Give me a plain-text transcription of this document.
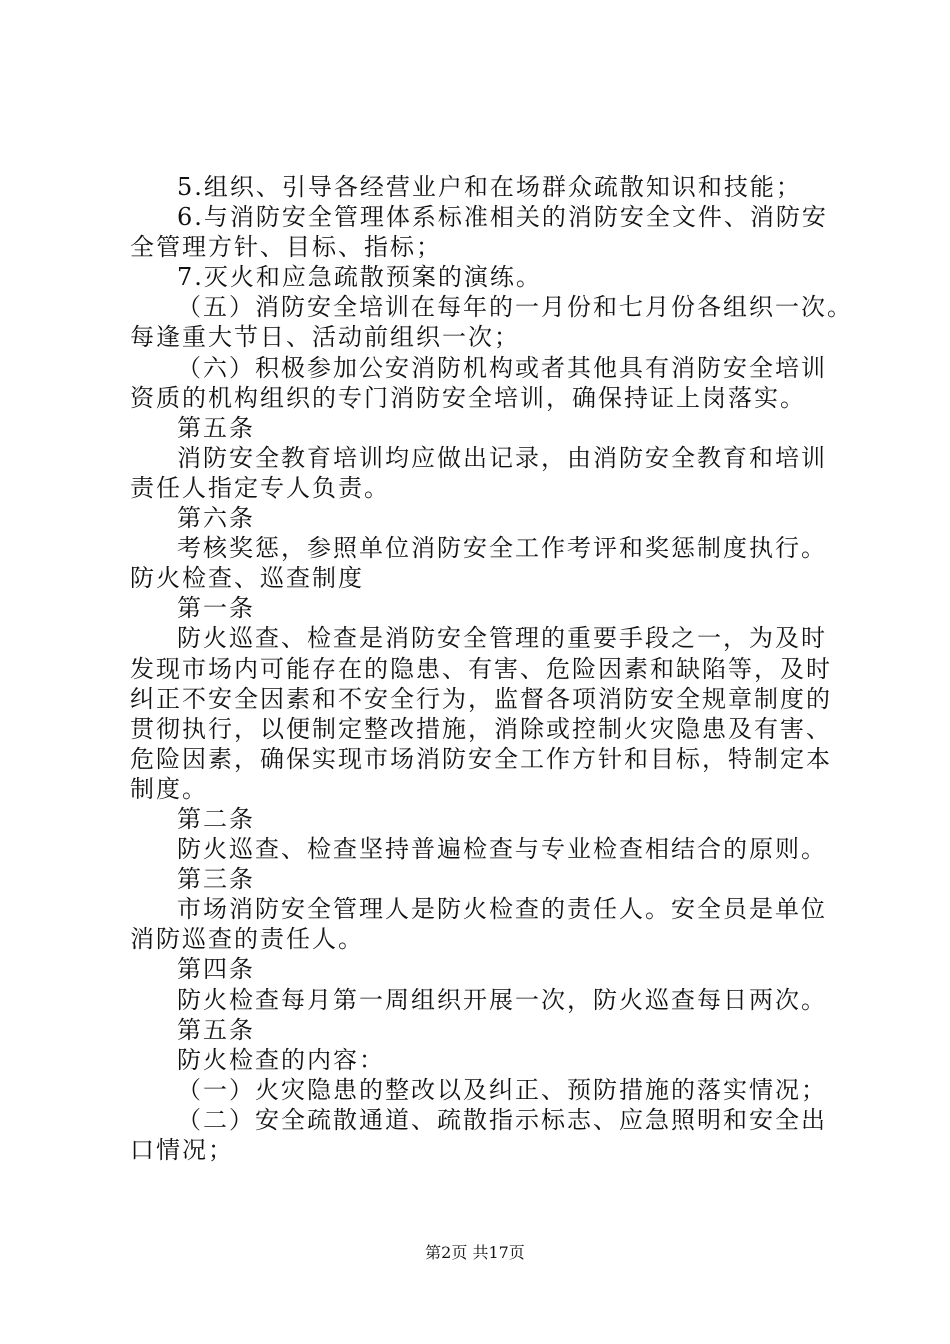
5.组织、引导各经营业户和在场群众疏散知识和技能；
6.与消防安全管理体系标准相关的消防安全文件、消防安
全管理方针、目标、指标；
7.灭火和应急疏散预案的演练。
（五）消防安全培训在每年的一月份和七月份各组织一次。
每逢重大节日、活动前组织一次；
（六）积极参加公安消防机构或者其他具有消防安全培训
资质的机构组织的专门消防安全培训，确保持证上岗落实。
第五条
消防安全教育培训均应做出记录，由消防安全教育和培训
责任人指定专人负责。
第六条
考核奖惩，参照单位消防安全工作考评和奖惩制度执行。
防火检查、巡查制度
第一条
防火巡查、检查是消防安全管理的重要手段之一，为及时
发现市场内可能存在的隐患、有害、危险因素和缺陷等，及时
纠正不安全因素和不安全行为，监督各项消防安全规章制度的
贯彻执行，以便制定整改措施，消除或控制火灾隐患及有害、
危险因素，确保实现市场消防安全工作方针和目标，特制定本
制度。
第二条
防火巡查、检查坚持普遍检查与专业检查相结合的原则。
第三条
市场消防安全管理人是防火检查的责任人。安全员是单位
消防巡查的责任人。
第四条
防火检查每月第一周组织开展一次，防火巡查每日两次。
第五条
防火检查的内容：
（一）火灾隐患的整改以及纠正、预防措施的落实情况；
（二）安全疏散通道、疏散指示标志、应急照明和安全出
口情况；
第2页 共17页
